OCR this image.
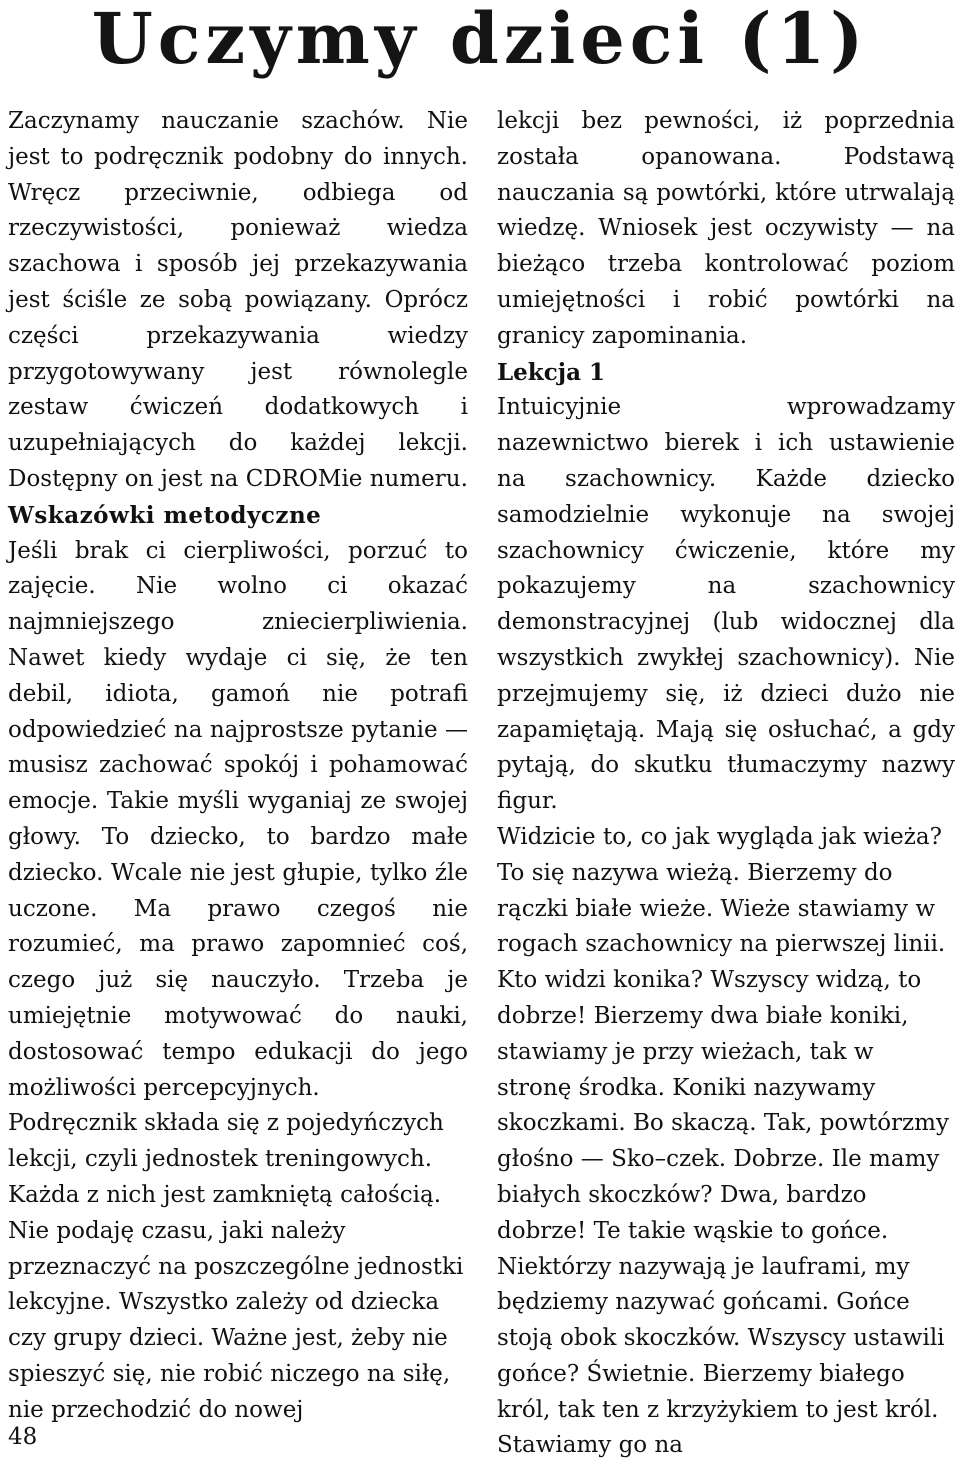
Uczymy dzieci (1)

Zaczynamy nauczanie szachów. Nie jest to podręcznik podobny do innych. Wręcz przeciwnie, odbiega od rzeczywistości, ponieważ wiedza szachowa i sposób jej przekazywania jest ściśle ze sobą powiązany. Oprócz części przekazywania wiedzy przygotowywany jest równolegle zestaw ćwiczeń dodatkowych i uzupełniających do każdej lekcji. Dostępny on jest na CDROMie numeru.

Wskazówki metodyczne

Jeśli brak ci cierpliwości, porzuć to zajęcie. Nie wolno ci okazać najmniejszego zniecierpliwienia. Nawet kiedy wydaje ci się, że ten debil, idiota, gamoń nie potrafi odpowiedzieć na najprostsze pytanie — musisz zachować spokój i pohamować emocje. Takie myśli wyganiaj ze swojej głowy. To dziecko, to bardzo małe dziecko. Wcale nie jest głupie, tylko źle uczone. Ma prawo czegoś nie rozumieć, ma prawo zapomnieć coś, czego już się nauczyło. Trzeba je umiejętnie motywować do nauki, dostosować tempo edukacji do jego możliwości percepcyjnych.

Podręcznik składa się z pojedyńczych lekcji, czyli jednostek treningowych. Każda z nich jest zamkniętą całością. Nie podaję czasu, jaki należy przeznaczyć na poszczególne jednostki lekcyjne. Wszystko zależy od dziecka czy grupy dzieci. Ważne jest, żeby nie spieszyć się, nie robić niczego na siłę, nie przechodzić do nowej

lekcji bez pewności, iż poprzednia została opanowana. Podstawą nauczania są powtórki, które utrwalają wiedzę. Wniosek jest oczywisty — na bieżąco trzeba kontrolować poziom umiejętności i robić powtórki na granicy zapominania.

Lekcja 1

Intuicyjnie wprowadzamy nazewnictwo bierek i ich ustawienie na szachownicy. Każde dziecko samodzielnie wykonuje na swojej szachownicy ćwiczenie, które my pokazujemy na szachownicy demonstracyjnej (lub widocznej dla wszystkich zwykłej szachownicy). Nie przejmujemy się, iż dzieci dużo nie zapamiętają. Mają się osłuchać, a gdy pytają, do skutku tłumaczymy nazwy figur.

Widzicie to, co jak wygląda jak wieża? To się nazywa wieżą. Bierzemy do rączki białe wieże. Wieże stawiamy w rogach szachownicy na pierwszej linii. Kto widzi konika? Wszyscy widzą, to dobrze! Bierzemy dwa białe koniki, stawiamy je przy wieżach, tak w stronę środka. Koniki nazywamy skoczkami. Bo skaczą. Tak, powtórzmy głośno — Sko–czek. Dobrze. Ile mamy białych skoczków? Dwa, bardzo dobrze! Te takie wąskie to gońce. Niektórzy nazywają je lauframi, my będziemy nazywać gońcami. Gońce stoją obok skoczków. Wszyscy ustawili gońce? Świetnie. Bierzemy białego król, tak ten z krzyżykiem to jest król. Stawiamy go na

48
